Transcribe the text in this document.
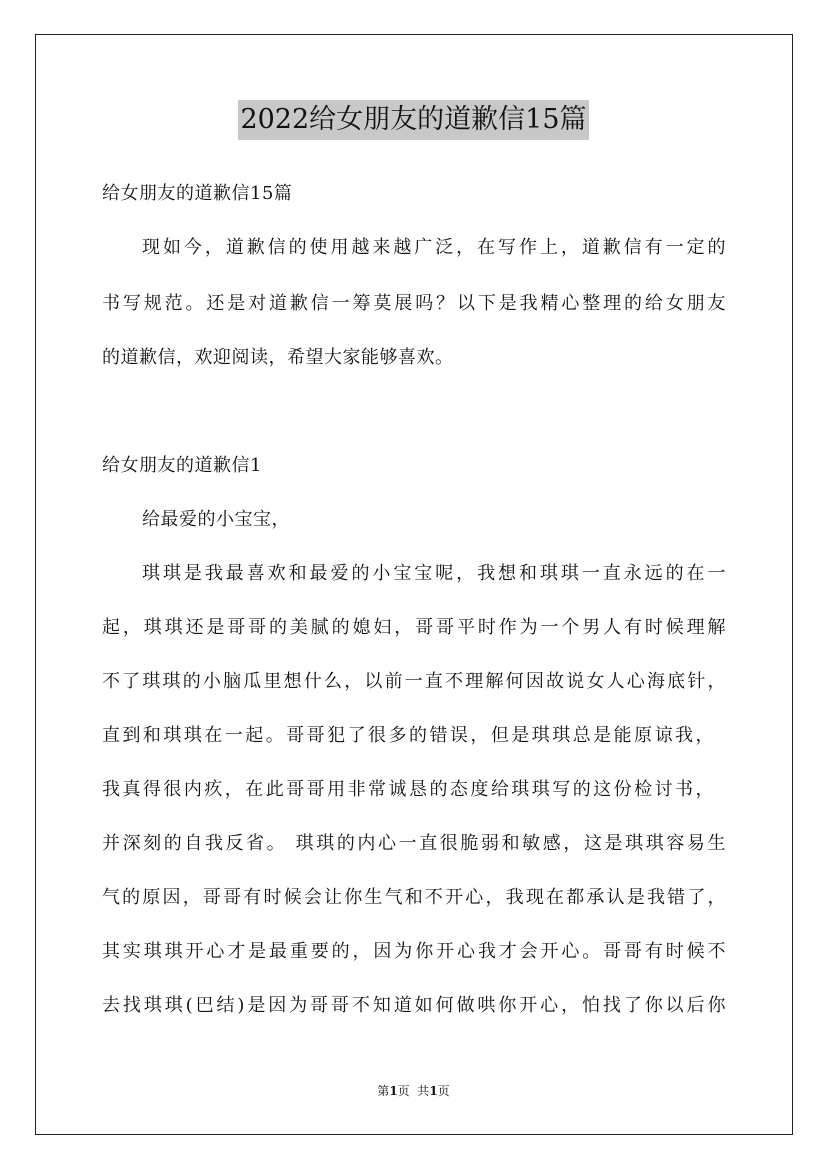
2022给女朋友的道歉信15篇
给女朋友的道歉信15篇
现如今，道歉信的使用越来越广泛，在写作上，道歉信有一定的
书写规范。还是对道歉信一筹莫展吗？以下是我精心整理的给女朋友
的道歉信，欢迎阅读，希望大家能够喜欢。
给女朋友的道歉信1
给最爱的小宝宝，
琪琪是我最喜欢和最爱的小宝宝呢，我想和琪琪一直永远的在一
起，琪琪还是哥哥的美腻的媳妇，哥哥平时作为一个男人有时候理解
不了琪琪的小脑瓜里想什么，以前一直不理解何因故说女人心海底针，
直到和琪琪在一起。哥哥犯了很多的错误，但是琪琪总是能原谅我，
我真得很内疚，在此哥哥用非常诚恳的态度给琪琪写的这份检讨书，
并深刻的自我反省。 琪琪的内心一直很脆弱和敏感，这是琪琪容易生
气的原因，哥哥有时候会让你生气和不开心，我现在都承认是我错了，
其实琪琪开心才是最重要的，因为你开心我才会开心。哥哥有时候不
去找琪琪(巴结)是因为哥哥不知道如何做哄你开心，怕找了你以后你
第1页  共1页
